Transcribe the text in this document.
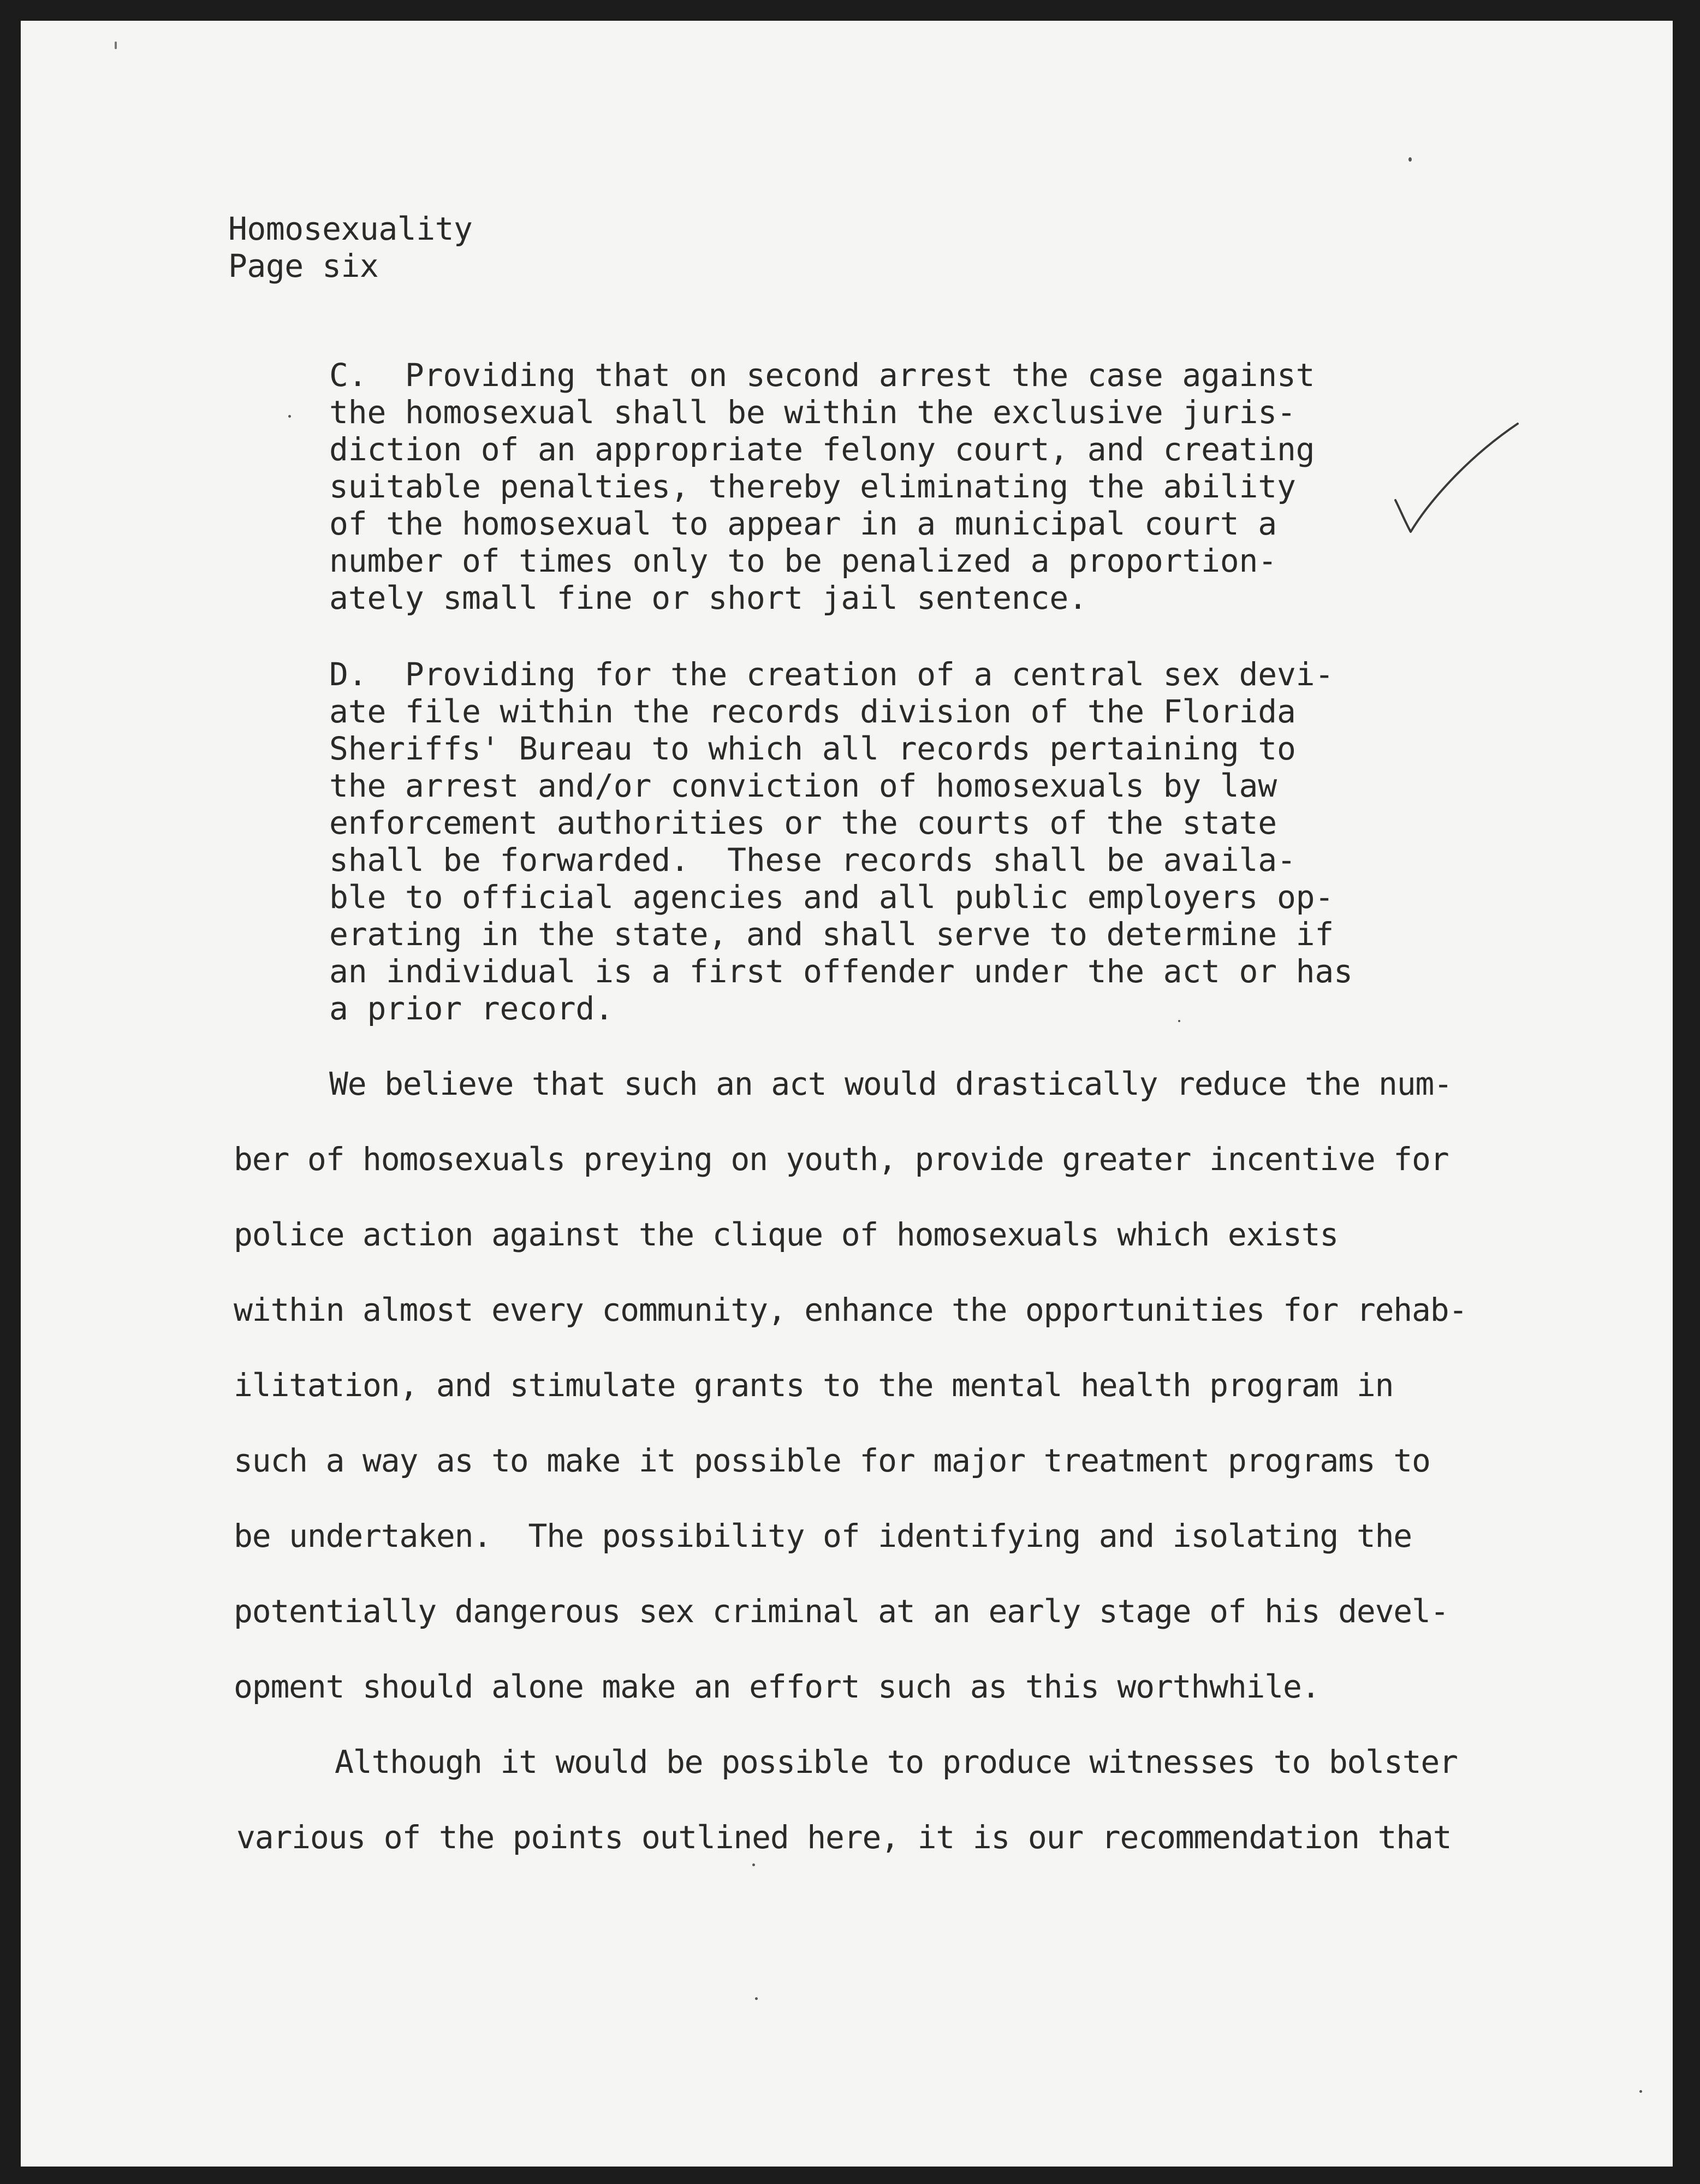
Homosexuality
Page six
C.  Providing that on second arrest the case against
the homosexual shall be within the exclusive juris-
diction of an appropriate felony court, and creating
suitable penalties, thereby eliminating the ability
of the homosexual to appear in a municipal court a
number of times only to be penalized a proportion-
ately small fine or short jail sentence.
D.  Providing for the creation of a central sex devi-
ate file within the records division of the Florida
Sheriffs' Bureau to which all records pertaining to
the arrest and/or conviction of homosexuals by law
enforcement authorities or the courts of the state
shall be forwarded.  These records shall be availa-
ble to official agencies and all public employers op-
erating in the state, and shall serve to determine if
an individual is a first offender under the act or has
a prior record.
We believe that such an act would drastically reduce the num-
ber of homosexuals preying on youth, provide greater incentive for
police action against the clique of homosexuals which exists
within almost every community, enhance the opportunities for rehab-
ilitation, and stimulate grants to the mental health program in
such a way as to make it possible for major treatment programs to
be undertaken.  The possibility of identifying and isolating the
potentially dangerous sex criminal at an early stage of his devel-
opment should alone make an effort such as this worthwhile.
Although it would be possible to produce witnesses to bolster
various of the points outlined here, it is our recommendation that
